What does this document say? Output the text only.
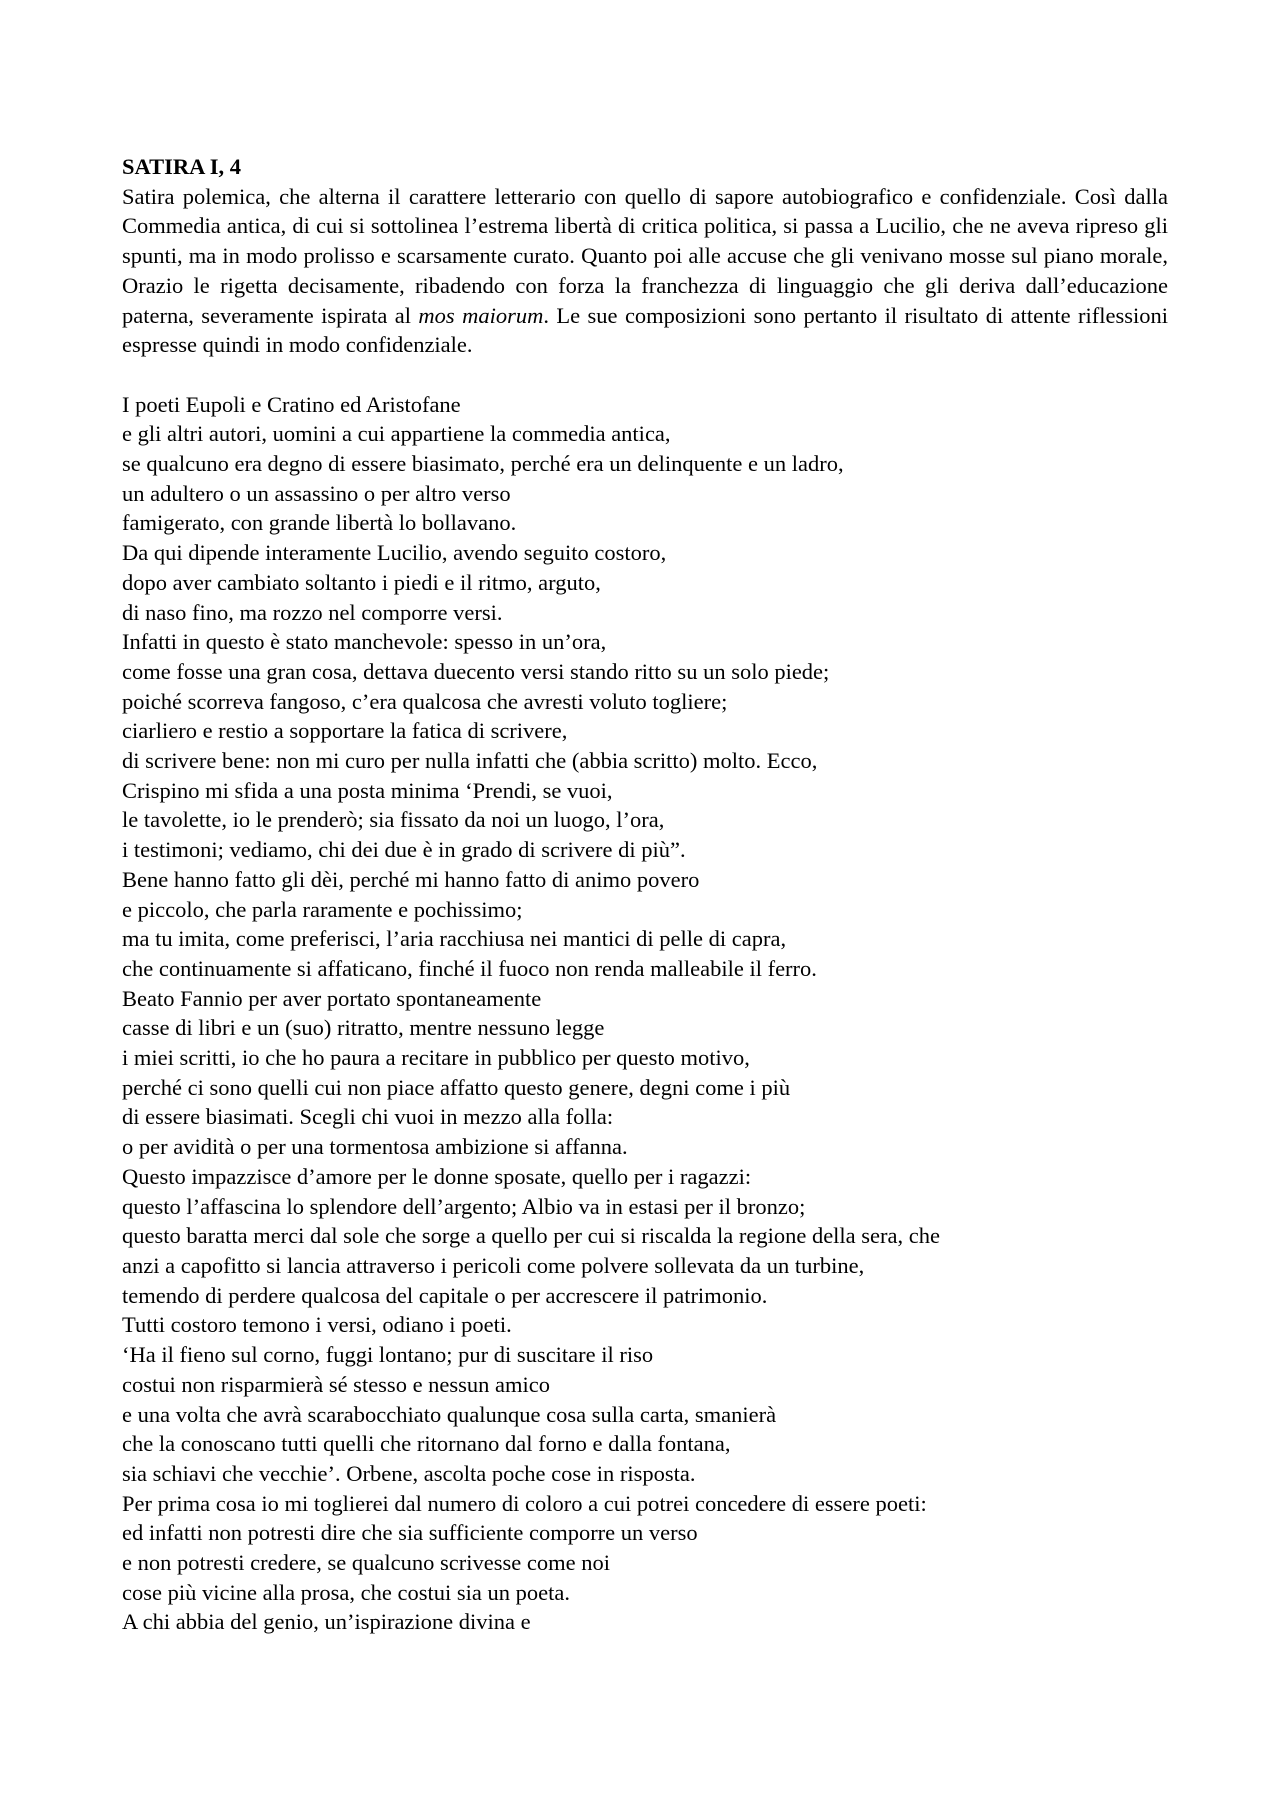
SATIRA I, 4

Satira polemica, che alterna il carattere letterario con quello di sapore autobiografico e confidenziale. Così dalla Commedia antica, di cui si sottolinea l’estrema libertà di critica politica, si passa a Lucilio, che ne aveva ripreso gli spunti, ma in modo prolisso e scarsamente curato. Quanto poi alle accuse che gli venivano mosse sul piano morale, Orazio le rigetta decisamente, ribadendo con forza la franchezza di linguaggio che gli deriva dall’educazione paterna, severamente ispirata al mos maiorum. Le sue composizioni sono pertanto il risultato di attente riflessioni espresse quindi in modo confidenziale.

I poeti Eupoli e Cratino ed Aristofane
e gli altri autori, uomini a cui appartiene la commedia antica,
se qualcuno era degno di essere biasimato, perché era un delinquente e un ladro,
un adultero o un assassino o per altro verso
famigerato, con grande libertà lo bollavano.
Da qui dipende interamente Lucilio, avendo seguito costoro,
dopo aver cambiato soltanto i piedi e il ritmo, arguto,
di naso fino, ma rozzo nel comporre versi.
Infatti in questo è stato manchevole: spesso in un’ora,
come fosse una gran cosa, dettava duecento versi stando ritto su un solo piede;
poiché scorreva fangoso, c’era qualcosa che avresti voluto togliere;
ciarliero e restio a sopportare la fatica di scrivere,
di scrivere bene: non mi curo per nulla infatti che (abbia scritto) molto. Ecco,
Crispino mi sfida a una posta minima ‘Prendi, se vuoi,
le tavolette, io le prenderò; sia fissato da noi un luogo, l’ora,
i testimoni; vediamo, chi dei due è in grado di scrivere di più”.
Bene hanno fatto gli dèi, perché mi hanno fatto di animo povero
e piccolo, che parla raramente e pochissimo;
ma tu imita, come preferisci, l’aria racchiusa nei mantici di pelle di capra,
che continuamente si affaticano, finché il fuoco non renda malleabile il ferro.
Beato Fannio per aver portato spontaneamente
casse di libri e un (suo) ritratto, mentre nessuno legge
i miei scritti, io che ho paura a recitare in pubblico per questo motivo,
perché ci sono quelli cui non piace affatto questo genere, degni come i più
di essere biasimati. Scegli chi vuoi in mezzo alla folla:
o per avidità o per una tormentosa ambizione si affanna.
Questo impazzisce d’amore per le donne sposate, quello per i ragazzi:
questo l’affascina lo splendore dell’argento; Albio va in estasi per il bronzo;
questo baratta merci dal sole che sorge a quello per cui si riscalda la regione della sera, che
anzi a capofitto si lancia attraverso i pericoli come polvere sollevata da un turbine,
temendo di perdere qualcosa del capitale o per accrescere il patrimonio.
Tutti costoro temono i versi, odiano i poeti.
‘Ha il fieno sul corno, fuggi lontano; pur di suscitare il riso
costui non risparmierà sé stesso e nessun amico
e una volta che avrà scarabocchiato qualunque cosa sulla carta, smanierà
che la conoscano tutti quelli che ritornano dal forno e dalla fontana,
sia schiavi che vecchie’. Orbene, ascolta poche cose in risposta.
Per prima cosa io mi toglierei dal numero di coloro a cui potrei concedere di essere poeti:
ed infatti non potresti dire che sia sufficiente comporre un verso
e non potresti credere, se qualcuno scrivesse come noi
cose più vicine alla prosa, che costui sia un poeta.
A chi abbia del genio, un’ispirazione divina e
